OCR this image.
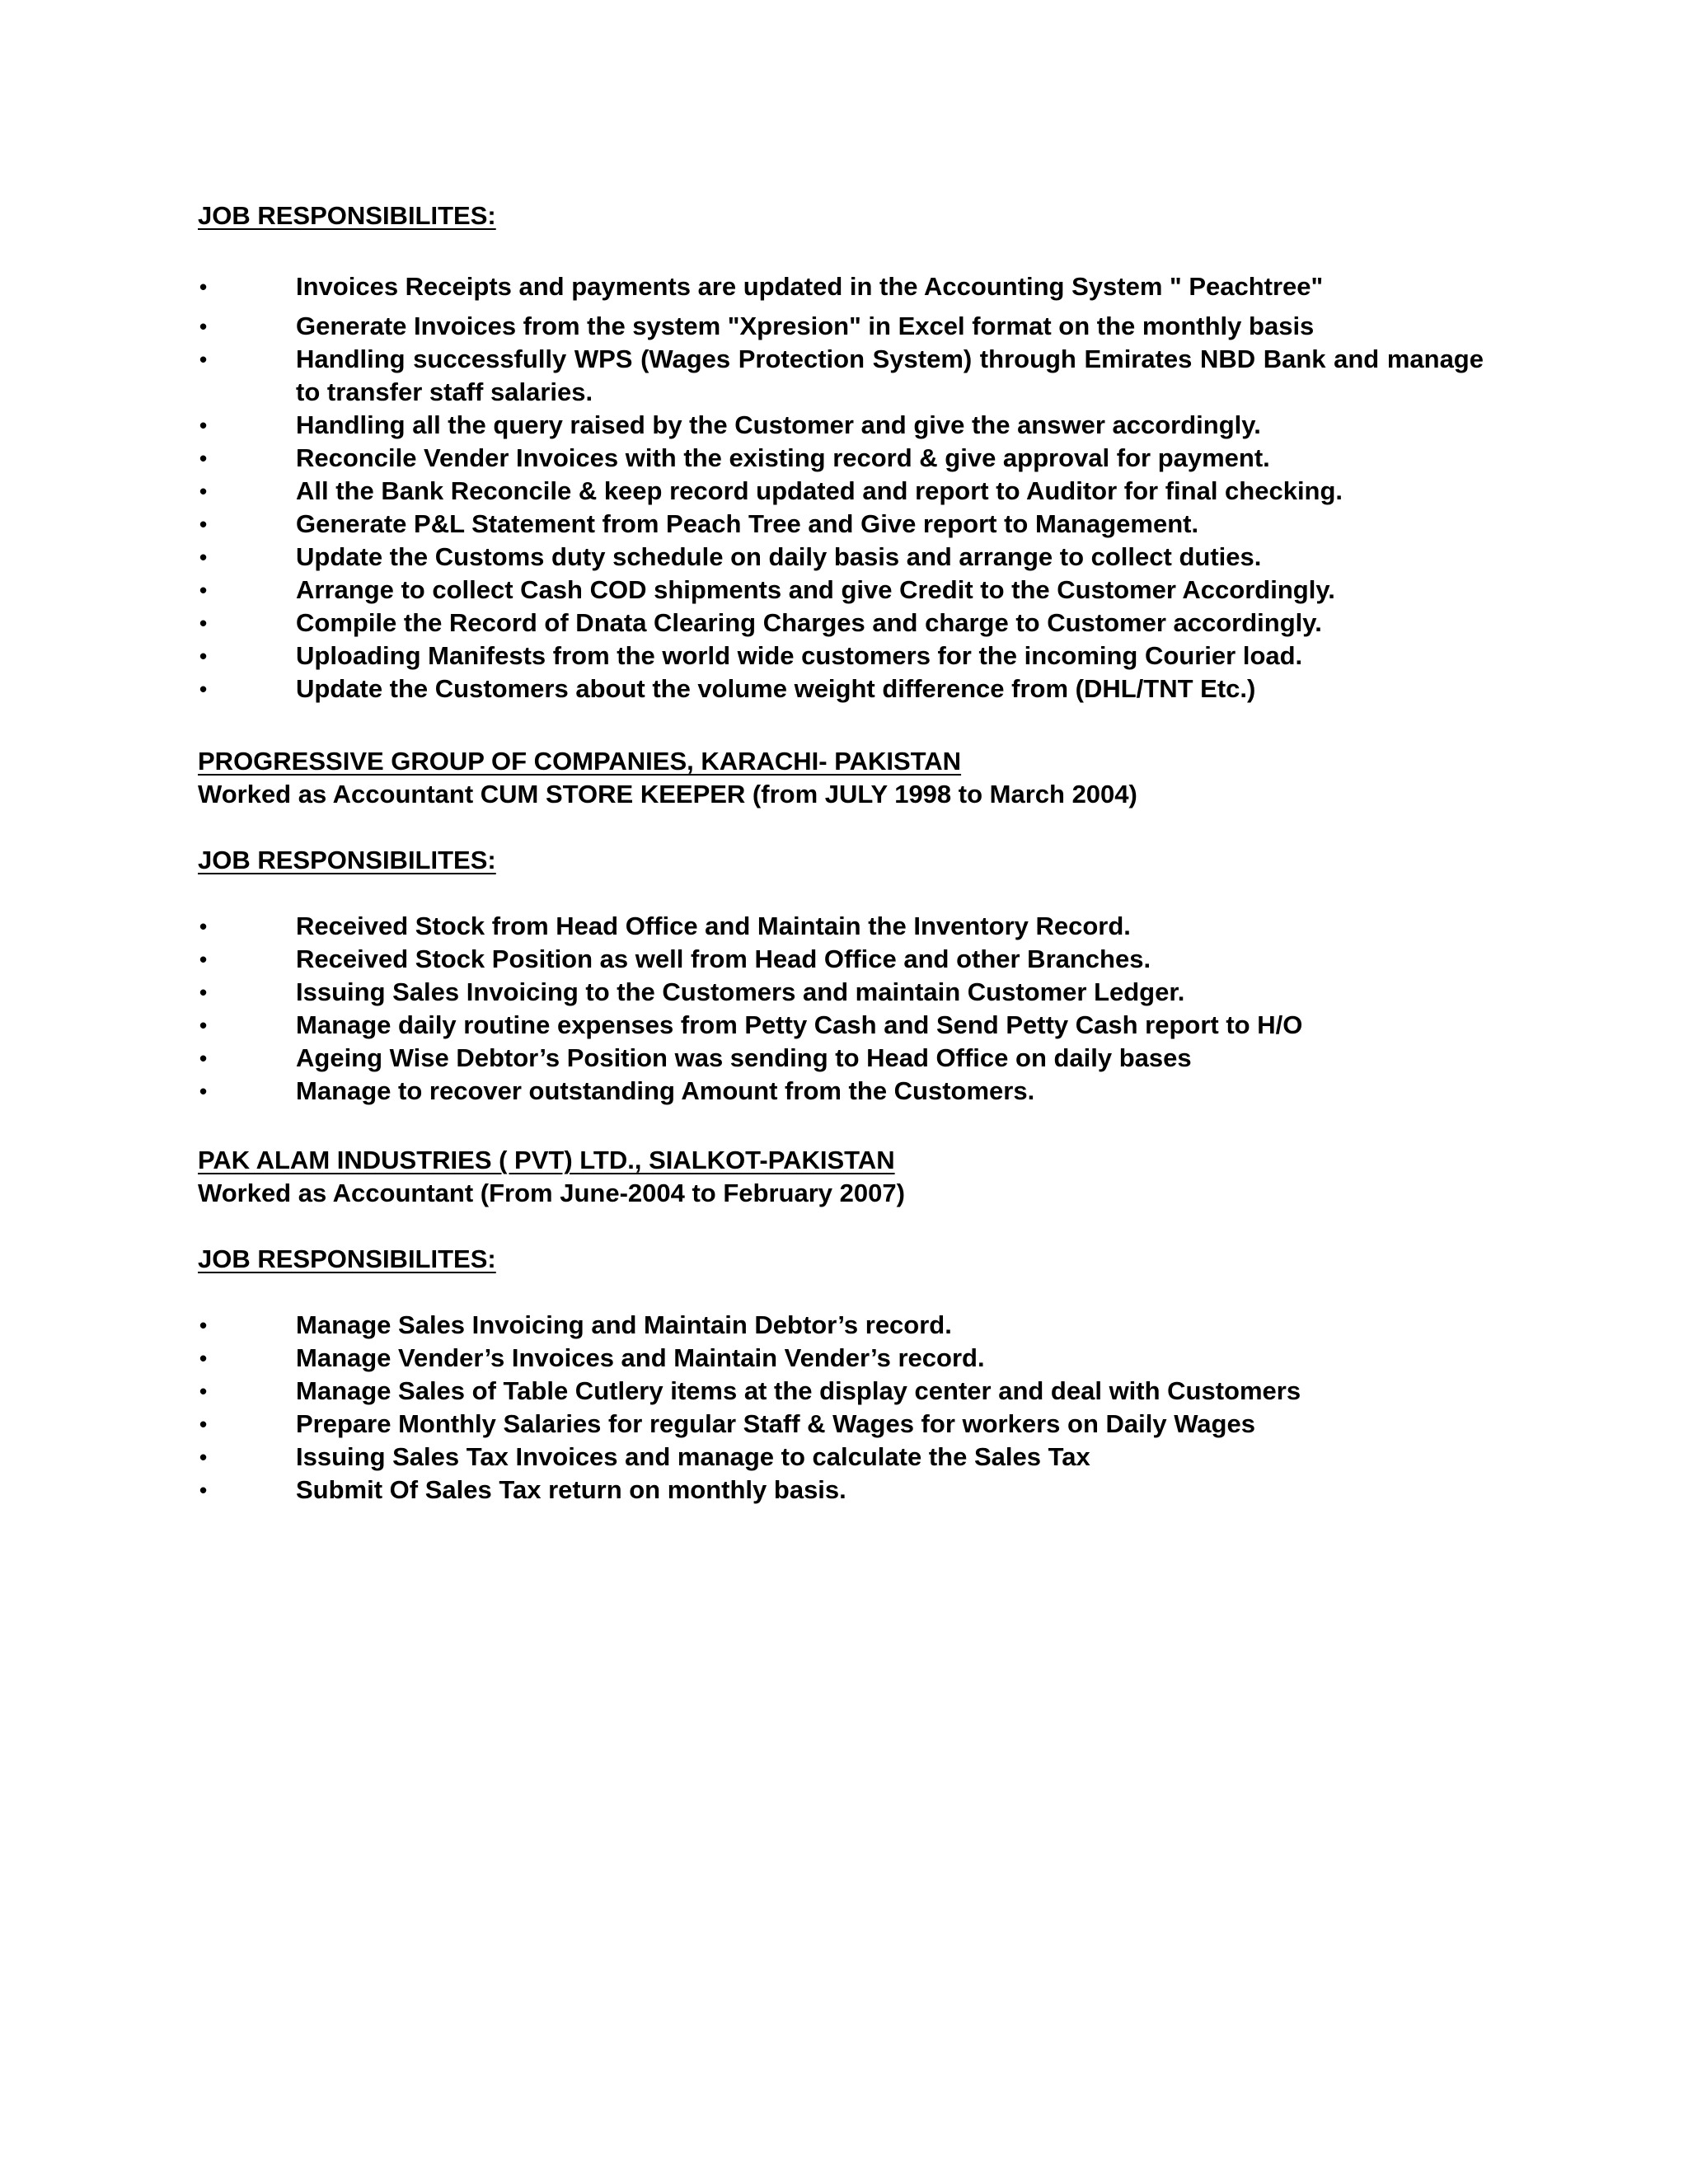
JOB RESPONSIBILITES:
•	Invoices Receipts and payments are updated in the Accounting System " Peachtree"
•	Generate Invoices from the system "Xpresion" in Excel format on the monthly basis
•	Handling successfully WPS (Wages Protection System) through Emirates NBD Bank and manage to transfer staff salaries.
•	Handling all the query raised by the Customer and give the answer accordingly.
•	Reconcile Vender Invoices with the existing record & give approval for payment.
•	All the Bank Reconcile & keep record updated and report to Auditor for final checking.
•	Generate P&L Statement from Peach Tree and Give report to Management.
•	Update the Customs duty schedule on daily basis and arrange to collect duties.
•	Arrange to collect Cash COD shipments and give Credit to the Customer Accordingly.
•	Compile the Record of Dnata Clearing Charges and charge to Customer accordingly.
•	Uploading Manifests from the world wide customers for the incoming Courier load.
•	Update the Customers about the volume weight difference from (DHL/TNT Etc.)
PROGRESSIVE GROUP OF COMPANIES, KARACHI- PAKISTAN
Worked as Accountant CUM STORE KEEPER (from JULY 1998 to March 2004)
JOB RESPONSIBILITES:
•	Received Stock from Head Office and Maintain the Inventory Record.
•	Received Stock Position as well from Head Office and other Branches.
•	Issuing Sales Invoicing to the Customers and maintain Customer Ledger.
•	Manage daily routine expenses from Petty Cash and Send Petty Cash report to H/O
•	Ageing Wise Debtor’s Position was sending to Head Office on daily bases
•	Manage to recover outstanding Amount from the Customers.
PAK ALAM INDUSTRIES ( PVT) LTD., SIALKOT-PAKISTAN
Worked as Accountant (From June-2004 to February 2007)
JOB RESPONSIBILITES:
•	Manage Sales Invoicing and Maintain Debtor’s record.
•	Manage Vender’s Invoices and Maintain Vender’s record.
•	Manage Sales of Table Cutlery items at the display center and deal with Customers
•	Prepare Monthly Salaries for regular Staff & Wages for workers on Daily Wages
•	Issuing Sales Tax Invoices and manage to calculate the Sales Tax
•	Submit Of Sales Tax return on monthly basis.
